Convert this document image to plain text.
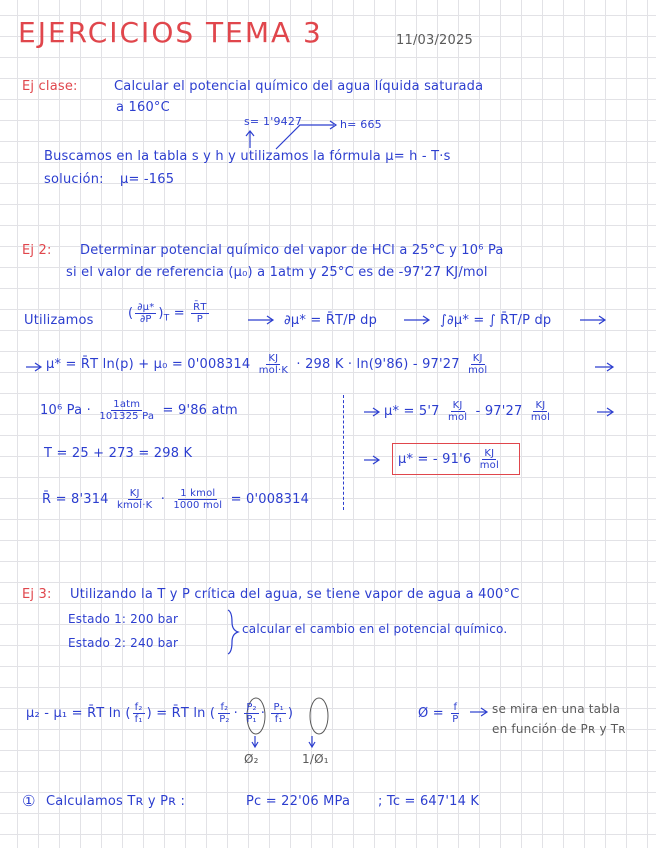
EJERCICIOS TEMA 3	11/03/2025
Ej clase:	Calcular el potencial químico del agua líquida saturada
a 160°C
s= 1'9427	h= 665
Buscamos en la tabla s y h y utilizamos la fórmula μ= h - T·s
solución: μ= -165
Ej 2: Determinar potencial químico del vapor de HCl a 25°C y 10⁶ Pa
si el valor de referencia (μ₀) a 1atm y 25°C es de -97'27 KJ/mol
Utilizamos	( $\frac{\partial\mu*}{\partial P} )_T = \frac{R̄T}{P}$	∂μ* = R̄T/P dp	∫∂μ* = ∫ R̄T/P dp
μ* = R̄T $\ln(p) + \mu_0 = 0'008314 \frac{KJ}{\text{mol·K}} \cdot 298$ $K \cdot \ln(9'86) - 97'27 \frac{KJ}{\text{mol}}$
10⁶ $Pa \cdot \frac{\text{1atm}}{101325 Pa} = 9'86$ atm
T = 25 + 273 = 298 K
R̄ = $8'314 \frac{KJ}{\text{kmol·K}} \cdot \frac{\text{1 kmol}}{\text{1000 mol}} = 0'008314$
$\mu* = 5'7 \frac{KJ}{\text{mol}} - 97'27 \frac{KJ}{\text{mol}}$
μ* = - $91'6 \frac{KJ}{\text{mol}}$
Ej 3: Utilizando la T y P crítica del agua, se tiene vapor de agua a 400°C
Estado 1: 200 bar
Estado 2: 240 bar
calcular el cambio en el potencial químico.
μ₂ - μ₁ = R̄T ln ( $\frac{\text{f₂}}{\text{f₁}}$ ) = R̄T ln ( $\frac{\text{f₂}}{\text{P₂}} \cdot \frac{\text{P₂}}{\text{P₁}} \cdot \frac{\text{P₁}}{\text{f₁}}$ )
Ø₂	1/Ø₁
Ø = $\frac{f}{P}$	se mira en una tabla
en función de Pʀ y Tʀ
① Calculamos Tʀ y Pʀ :	Pc = 22'06 MPa ; Tc = 647'14 K
